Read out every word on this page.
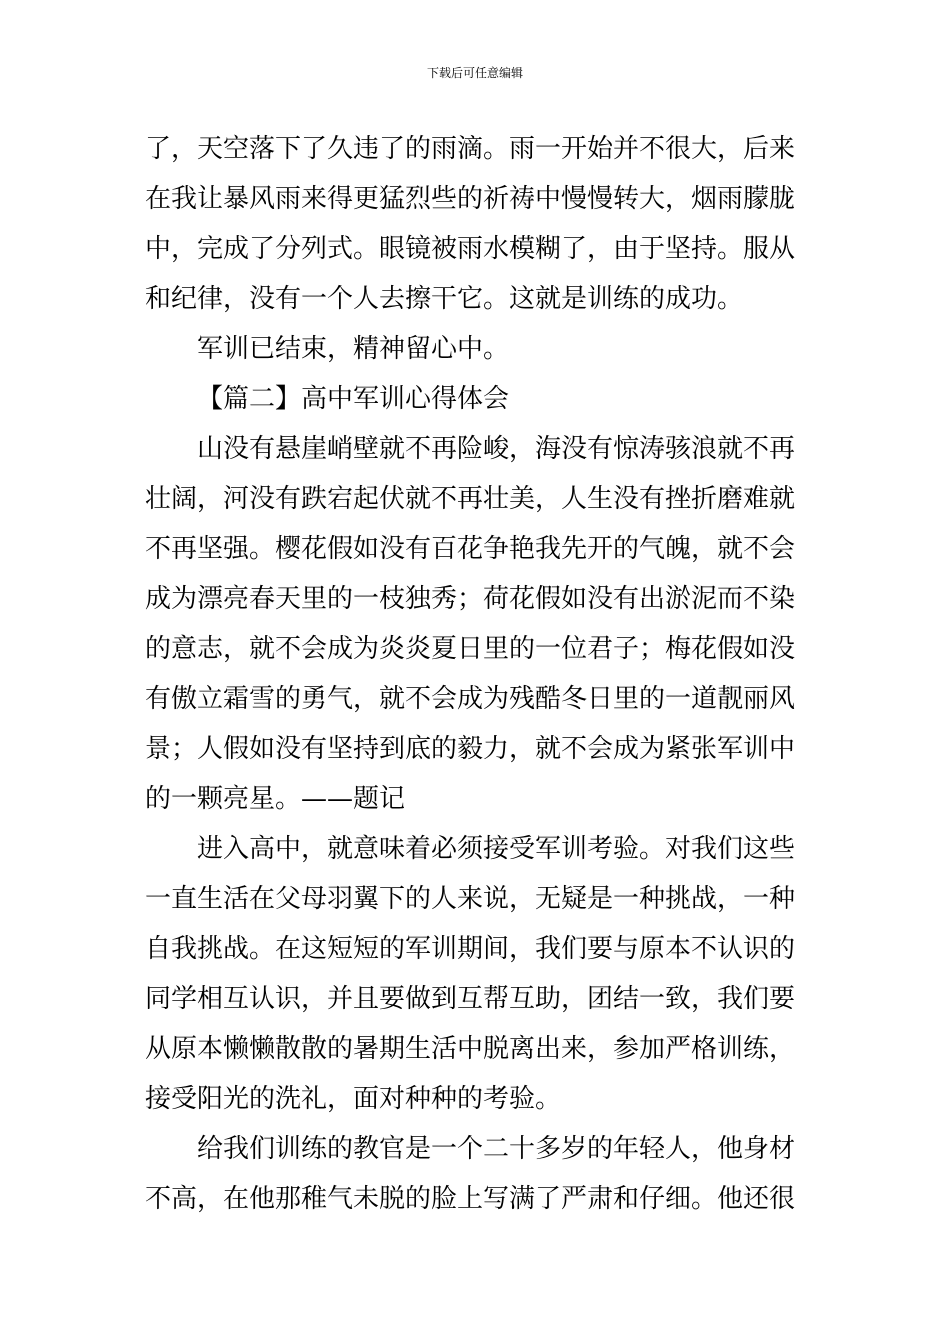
下载后可任意编辑
了，天空落下了久违了的雨滴。雨一开始并不很大，后来
在我让暴风雨来得更猛烈些的祈祷中慢慢转大，烟雨朦胧
中，完成了分列式。眼镜被雨水模糊了，由于坚持。服从
和纪律，没有一个人去擦干它。这就是训练的成功。
军训已结束，精神留心中。
【篇二】高中军训心得体会
山没有悬崖峭壁就不再险峻，海没有惊涛骇浪就不再
壮阔，河没有跌宕起伏就不再壮美，人生没有挫折磨难就
不再坚强。樱花假如没有百花争艳我先开的气魄，就不会
成为漂亮春天里的一枝独秀；荷花假如没有出淤泥而不染
的意志，就不会成为炎炎夏日里的一位君子；梅花假如没
有傲立霜雪的勇气，就不会成为残酷冬日里的一道靓丽风
景；人假如没有坚持到底的毅力，就不会成为紧张军训中
的一颗亮星。——题记
进入高中，就意味着必须接受军训考验。对我们这些
一直生活在父母羽翼下的人来说，无疑是一种挑战，一种
自我挑战。在这短短的军训期间，我们要与原本不认识的
同学相互认识，并且要做到互帮互助，团结一致，我们要
从原本懒懒散散的暑期生活中脱离出来，参加严格训练，
接受阳光的洗礼，面对种种的考验。
给我们训练的教官是一个二十多岁的年轻人，他身材
不高，在他那稚气未脱的脸上写满了严肃和仔细。他还很
